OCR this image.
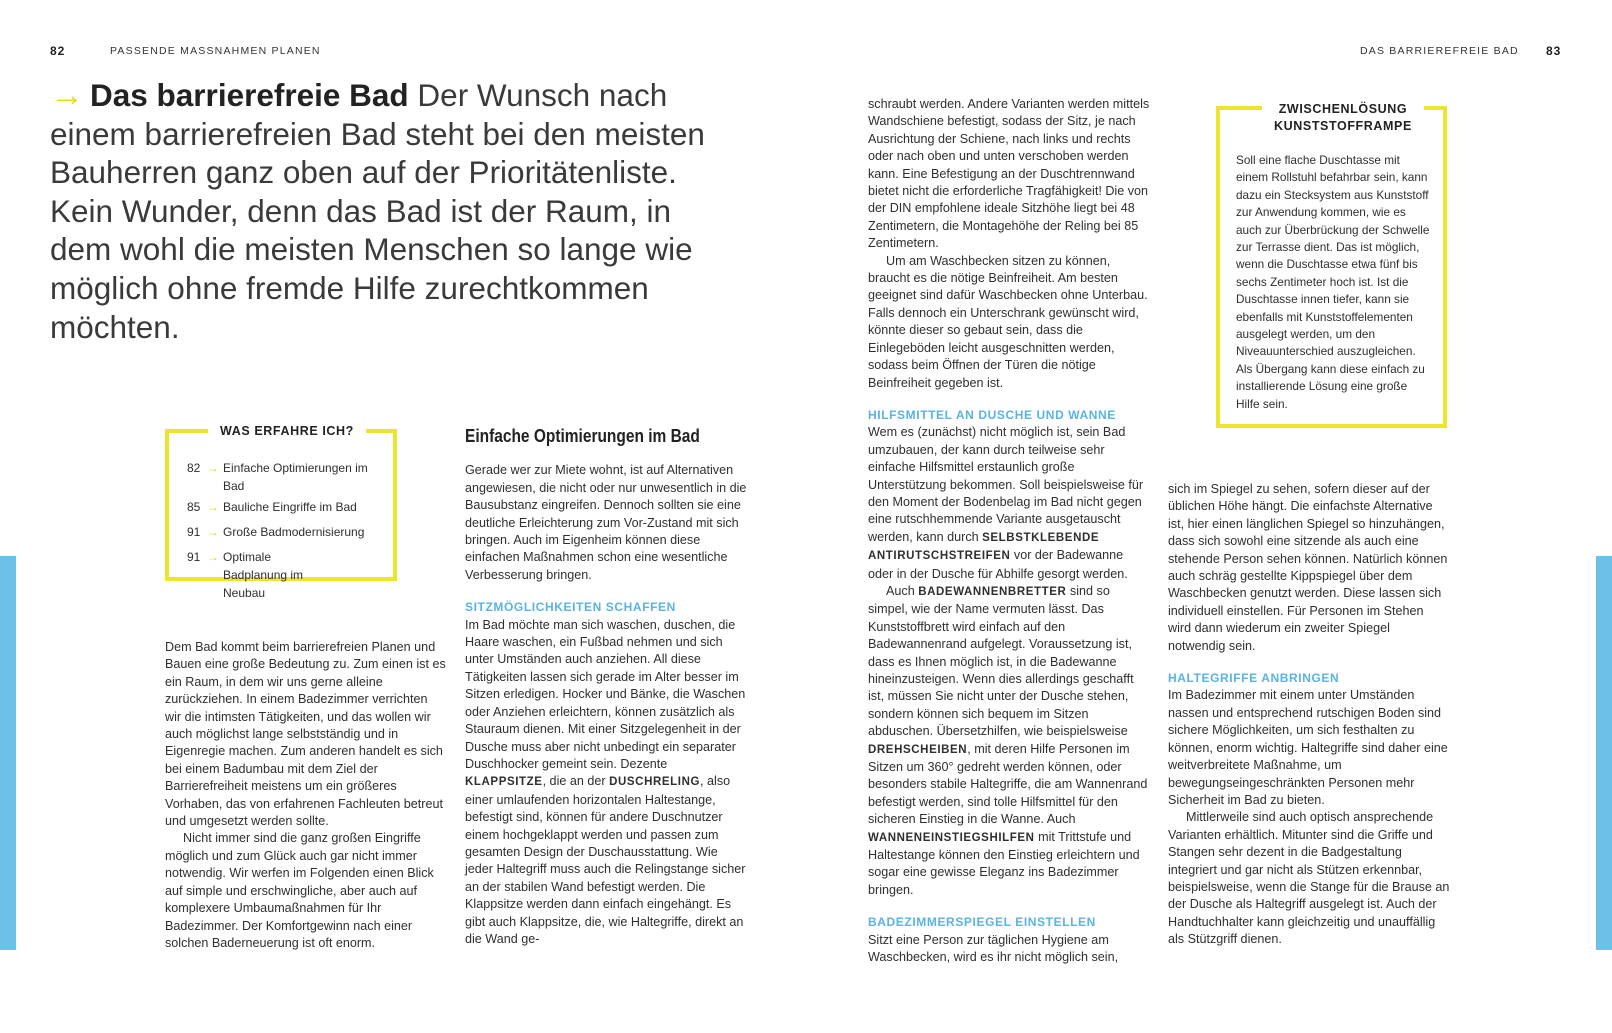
82	PASSENDE MASSNAHMEN PLANEN	DAS BARRIEREFREIE BAD 83
→ Das barrierefreie Bad Der Wunsch nach einem barrierefreien Bad steht bei den meisten Bauherren ganz oben auf der Prioritätenliste. Kein Wunder, denn das Bad ist der Raum, in dem wohl die meisten Menschen so lange wie möglich ohne fremde Hilfe zurechtkommen möchten.
WAS ERFAHRE ICH?
82 → Einfache Optimierungen im Bad
85 → Bauliche Eingriffe im Bad
91 → Große Badmodernisierung
91 → Optimale Badplanung im Neubau

Dem Bad kommt beim barrierefreien Planen und Bauen eine große Bedeutung zu. Zum einen ist es ein Raum, in dem wir uns gerne alleine zurückziehen. In einem Badezimmer verrichten wir die intimsten Tätigkeiten, und das wollen wir auch möglichst lange selbstständig und in Eigenregie machen. Zum anderen handelt es sich bei einem Badumbau mit dem Ziel der Barrierefreiheit meistens um ein größeres Vorhaben, das von erfahrenen Fachleuten betreut und umgesetzt werden sollte.

Nicht immer sind die ganz großen Eingriffe möglich und zum Glück auch gar nicht immer notwendig. Wir werfen im Folgenden einen Blick auf simple und erschwingliche, aber auch auf komplexere Umbaumaßnahmen für Ihr Badezimmer. Der Komfortgewinn nach einer solchen Baderneuerung ist oft enorm.

Einfache Optimierungen im Bad

Gerade wer zur Miete wohnt, ist auf Alternativen angewiesen, die nicht oder nur unwesentlich in die Bausubstanz eingreifen. Dennoch sollten sie eine deutliche Erleichterung zum Vor-Zustand mit sich bringen. Auch im Eigenheim können diese einfachen Maßnahmen schon eine wesentliche Verbesserung bringen.

SITZMÖGLICHKEITEN SCHAFFEN

Im Bad möchte man sich waschen, duschen, die Haare waschen, ein Fußbad nehmen und sich unter Umständen auch anziehen. All diese Tätigkeiten lassen sich gerade im Alter besser im Sitzen erledigen. Hocker und Bänke, die Waschen oder Anziehen erleichtern, können zusätzlich als Stauraum dienen. Mit einer Sitzgelegenheit in der Dusche muss aber nicht unbedingt ein separater Duschhocker gemeint sein. Dezente KLAPPSITZE, die an der DUSCHRELING, also einer umlaufenden horizontalen Haltestange, befestigt sind, können für andere Duschnutzer einem hochgeklappt werden und passen zum gesamten Design der Duschausstattung. Wie jeder Haltegriff muss auch die Relingstange sicher an der stabilen Wand befestigt werden. Die Klappsitze werden dann einfach eingehängt. Es gibt auch Klappsitze, die, wie Haltegriffe, direkt an die Wand ge-

schraubt werden. Andere Varianten werden mittels Wandschiene befestigt, sodass der Sitz, je nach Ausrichtung der Schiene, nach links und rechts oder nach oben und unten verschoben werden kann. Eine Befestigung an der Duschtrennwand bietet nicht die erforderliche Tragfähigkeit! Die von der DIN empfohlene ideale Sitzhöhe liegt bei 48 Zentimetern, die Montagehöhe der Reling bei 85 Zentimetern.

Um am Waschbecken sitzen zu können, braucht es die nötige Beinfreiheit. Am besten geeignet sind dafür Waschbecken ohne Unterbau. Falls dennoch ein Unterschrank gewünscht wird, könnte dieser so gebaut sein, dass die Einlegeböden leicht ausgeschnitten werden, sodass beim Öffnen der Türen die nötige Beinfreiheit gegeben ist.

HILFSMITTEL AN DUSCHE UND WANNE

Wem es (zunächst) nicht möglich ist, sein Bad umzubauen, der kann durch teilweise sehr einfache Hilfsmittel erstaunlich große Unterstützung bekommen. Soll beispielsweise für den Moment der Bodenbelag im Bad nicht gegen eine rutschhemmende Variante ausgetauscht werden, kann durch SELBSTKLEBENDE ANTIRUTSCHSTREIFEN vor der Badewanne oder in der Dusche für Abhilfe gesorgt werden.

Auch BADEWANNENBRETTER sind so simpel, wie der Name vermuten lässt. Das Kunststoffbrett wird einfach auf den Badewannenrand aufgelegt. Voraussetzung ist, dass es Ihnen möglich ist, in die Badewanne hineinzusteigen. Wenn dies allerdings geschafft ist, müssen Sie nicht unter der Dusche stehen, sondern können sich bequem im Sitzen abduschen. Übersetzhilfen, wie beispielsweise DREHSCHEIBEN, mit deren Hilfe Personen im Sitzen um 360° gedreht werden können, oder besonders stabile Haltegriffe, die am Wannenrand befestigt werden, sind tolle Hilfsmittel für den sicheren Einstieg in die Wanne. Auch WANNENEINSTIEGSHILFEN mit Trittstufe und Haltestange können den Einstieg erleichtern und sogar eine gewisse Eleganz ins Badezimmer bringen.

BADEZIMMERSPIEGEL EINSTELLEN

Sitzt eine Person zur täglichen Hygiene am Waschbecken, wird es ihr nicht möglich sein,

ZWISCHENLÖSUNG
KUNSTSTOFFRAMPE
Soll eine flache Duschtasse mit einem Rollstuhl befahrbar sein, kann dazu ein Stecksystem aus Kunststoff zur Anwendung kommen, wie es auch zur Überbrückung der Schwelle zur Terrasse dient. Das ist möglich, wenn die Duschtasse etwa fünf bis sechs Zentimeter hoch ist. Ist die Duschtasse innen tiefer, kann sie ebenfalls mit Kunststoffelementen ausgelegt werden, um den Niveauunterschied auszugleichen. Als Übergang kann diese einfach zu installierende Lösung eine große Hilfe sein.

sich im Spiegel zu sehen, sofern dieser auf der üblichen Höhe hängt. Die einfachste Alternative ist, hier einen länglichen Spiegel so hinzuhängen, dass sich sowohl eine sitzende als auch eine stehende Person sehen können. Natürlich können auch schräg gestellte Kippspiegel über dem Waschbecken genutzt werden. Diese lassen sich individuell einstellen. Für Personen im Stehen wird dann wiederum ein zweiter Spiegel notwendig sein.

HALTEGRIFFE ANBRINGEN

Im Badezimmer mit einem unter Umständen nassen und entsprechend rutschigen Boden sind sichere Möglichkeiten, um sich festhalten zu können, enorm wichtig. Haltegriffe sind daher eine weitverbreitete Maßnahme, um bewegungseingeschränkten Personen mehr Sicherheit im Bad zu bieten.

Mittlerweile sind auch optisch ansprechende Varianten erhältlich. Mitunter sind die Griffe und Stangen sehr dezent in die Badgestaltung integriert und gar nicht als Stützen erkennbar, beispielsweise, wenn die Stange für die Brause an der Dusche als Haltegriff ausgelegt ist. Auch der Handtuchhalter kann gleichzeitig und unauffällig als Stützgriff dienen.
